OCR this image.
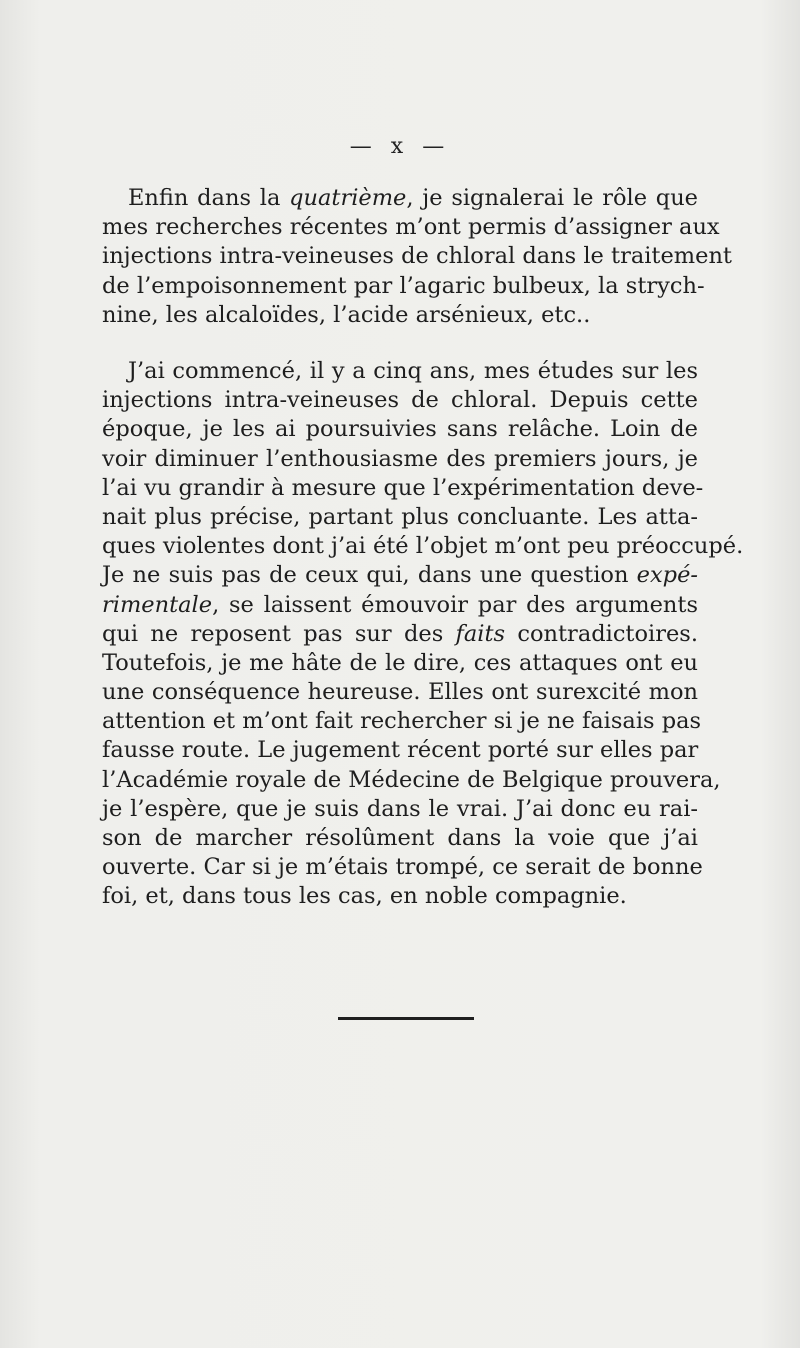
— x —
Enfin dans la quatrième, je signalerai le rôle que
mes recherches récentes m’ont permis d’assigner aux
injections intra-veineuses de chloral dans le traitement
de l’empoisonnement par l’agaric bulbeux, la strych-
nine, les alcaloïdes, l’acide arsénieux, etc..
J’ai commencé, il y a cinq ans, mes études sur les
injections intra-veineuses de chloral. Depuis cette
époque, je les ai poursuivies sans relâche. Loin de
voir diminuer l’enthousiasme des premiers jours, je
l’ai vu grandir à mesure que l’expérimentation deve-
nait plus précise, partant plus concluante. Les atta-
ques violentes dont j’ai été l’objet m’ont peu préoccupé.
Je ne suis pas de ceux qui, dans une question expé-
rimentale, se laissent émouvoir par des arguments
qui ne reposent pas sur des faits contradictoires.
Toutefois, je me hâte de le dire, ces attaques ont eu
une conséquence heureuse. Elles ont surexcité mon
attention et m’ont fait rechercher si je ne faisais pas
fausse route. Le jugement récent porté sur elles par
l’Académie royale de Médecine de Belgique prouvera,
je l’espère, que je suis dans le vrai. J’ai donc eu rai-
son de marcher résolûment dans la voie que j’ai
ouverte. Car si je m’étais trompé, ce serait de bonne
foi, et, dans tous les cas, en noble compagnie.
